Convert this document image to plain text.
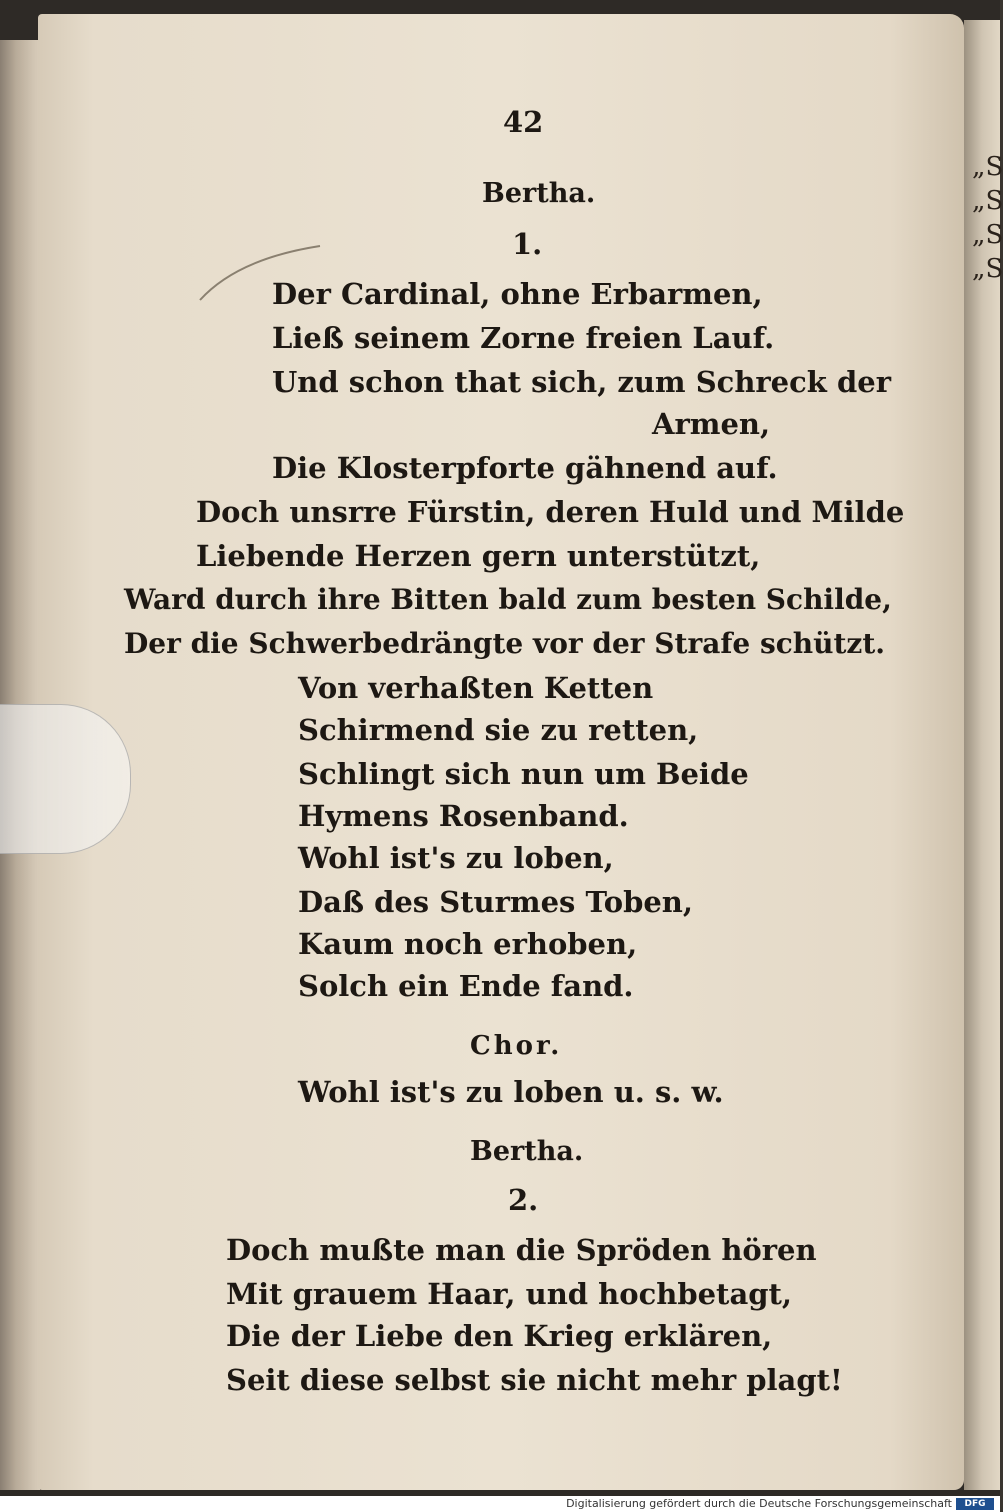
„S
„S
„S
„S

42

Bertha.

1.

Der Cardinal, ohne Erbarmen,

Ließ seinem Zorne freien Lauf.

Und schon that sich, zum Schreck der

Armen,

Die Klosterpforte gähnend auf.

Doch unsrre Fürstin, deren Huld und Milde

Liebende Herzen gern unterstützt,

Ward durch ihre Bitten bald zum besten Schilde,

Der die Schwerbedrängte vor der Strafe schützt.

Von verhaßten Ketten

Schirmend sie zu retten,

Schlingt sich nun um Beide

Hymens Rosenband.

Wohl ist's zu loben,

Daß des Sturmes Toben,

Kaum noch erhoben,

Solch ein Ende fand.

Chor.

Wohl ist's zu loben u. s. w.

Bertha.

2.

Doch mußte man die Spröden hören

Mit grauem Haar, und hochbetagt,

Die der Liebe den Krieg erklären,

Seit diese selbst sie nicht mehr plagt!

Digitalisierung gefördert durch die Deutsche Forschungsgemeinschaft	DFG
